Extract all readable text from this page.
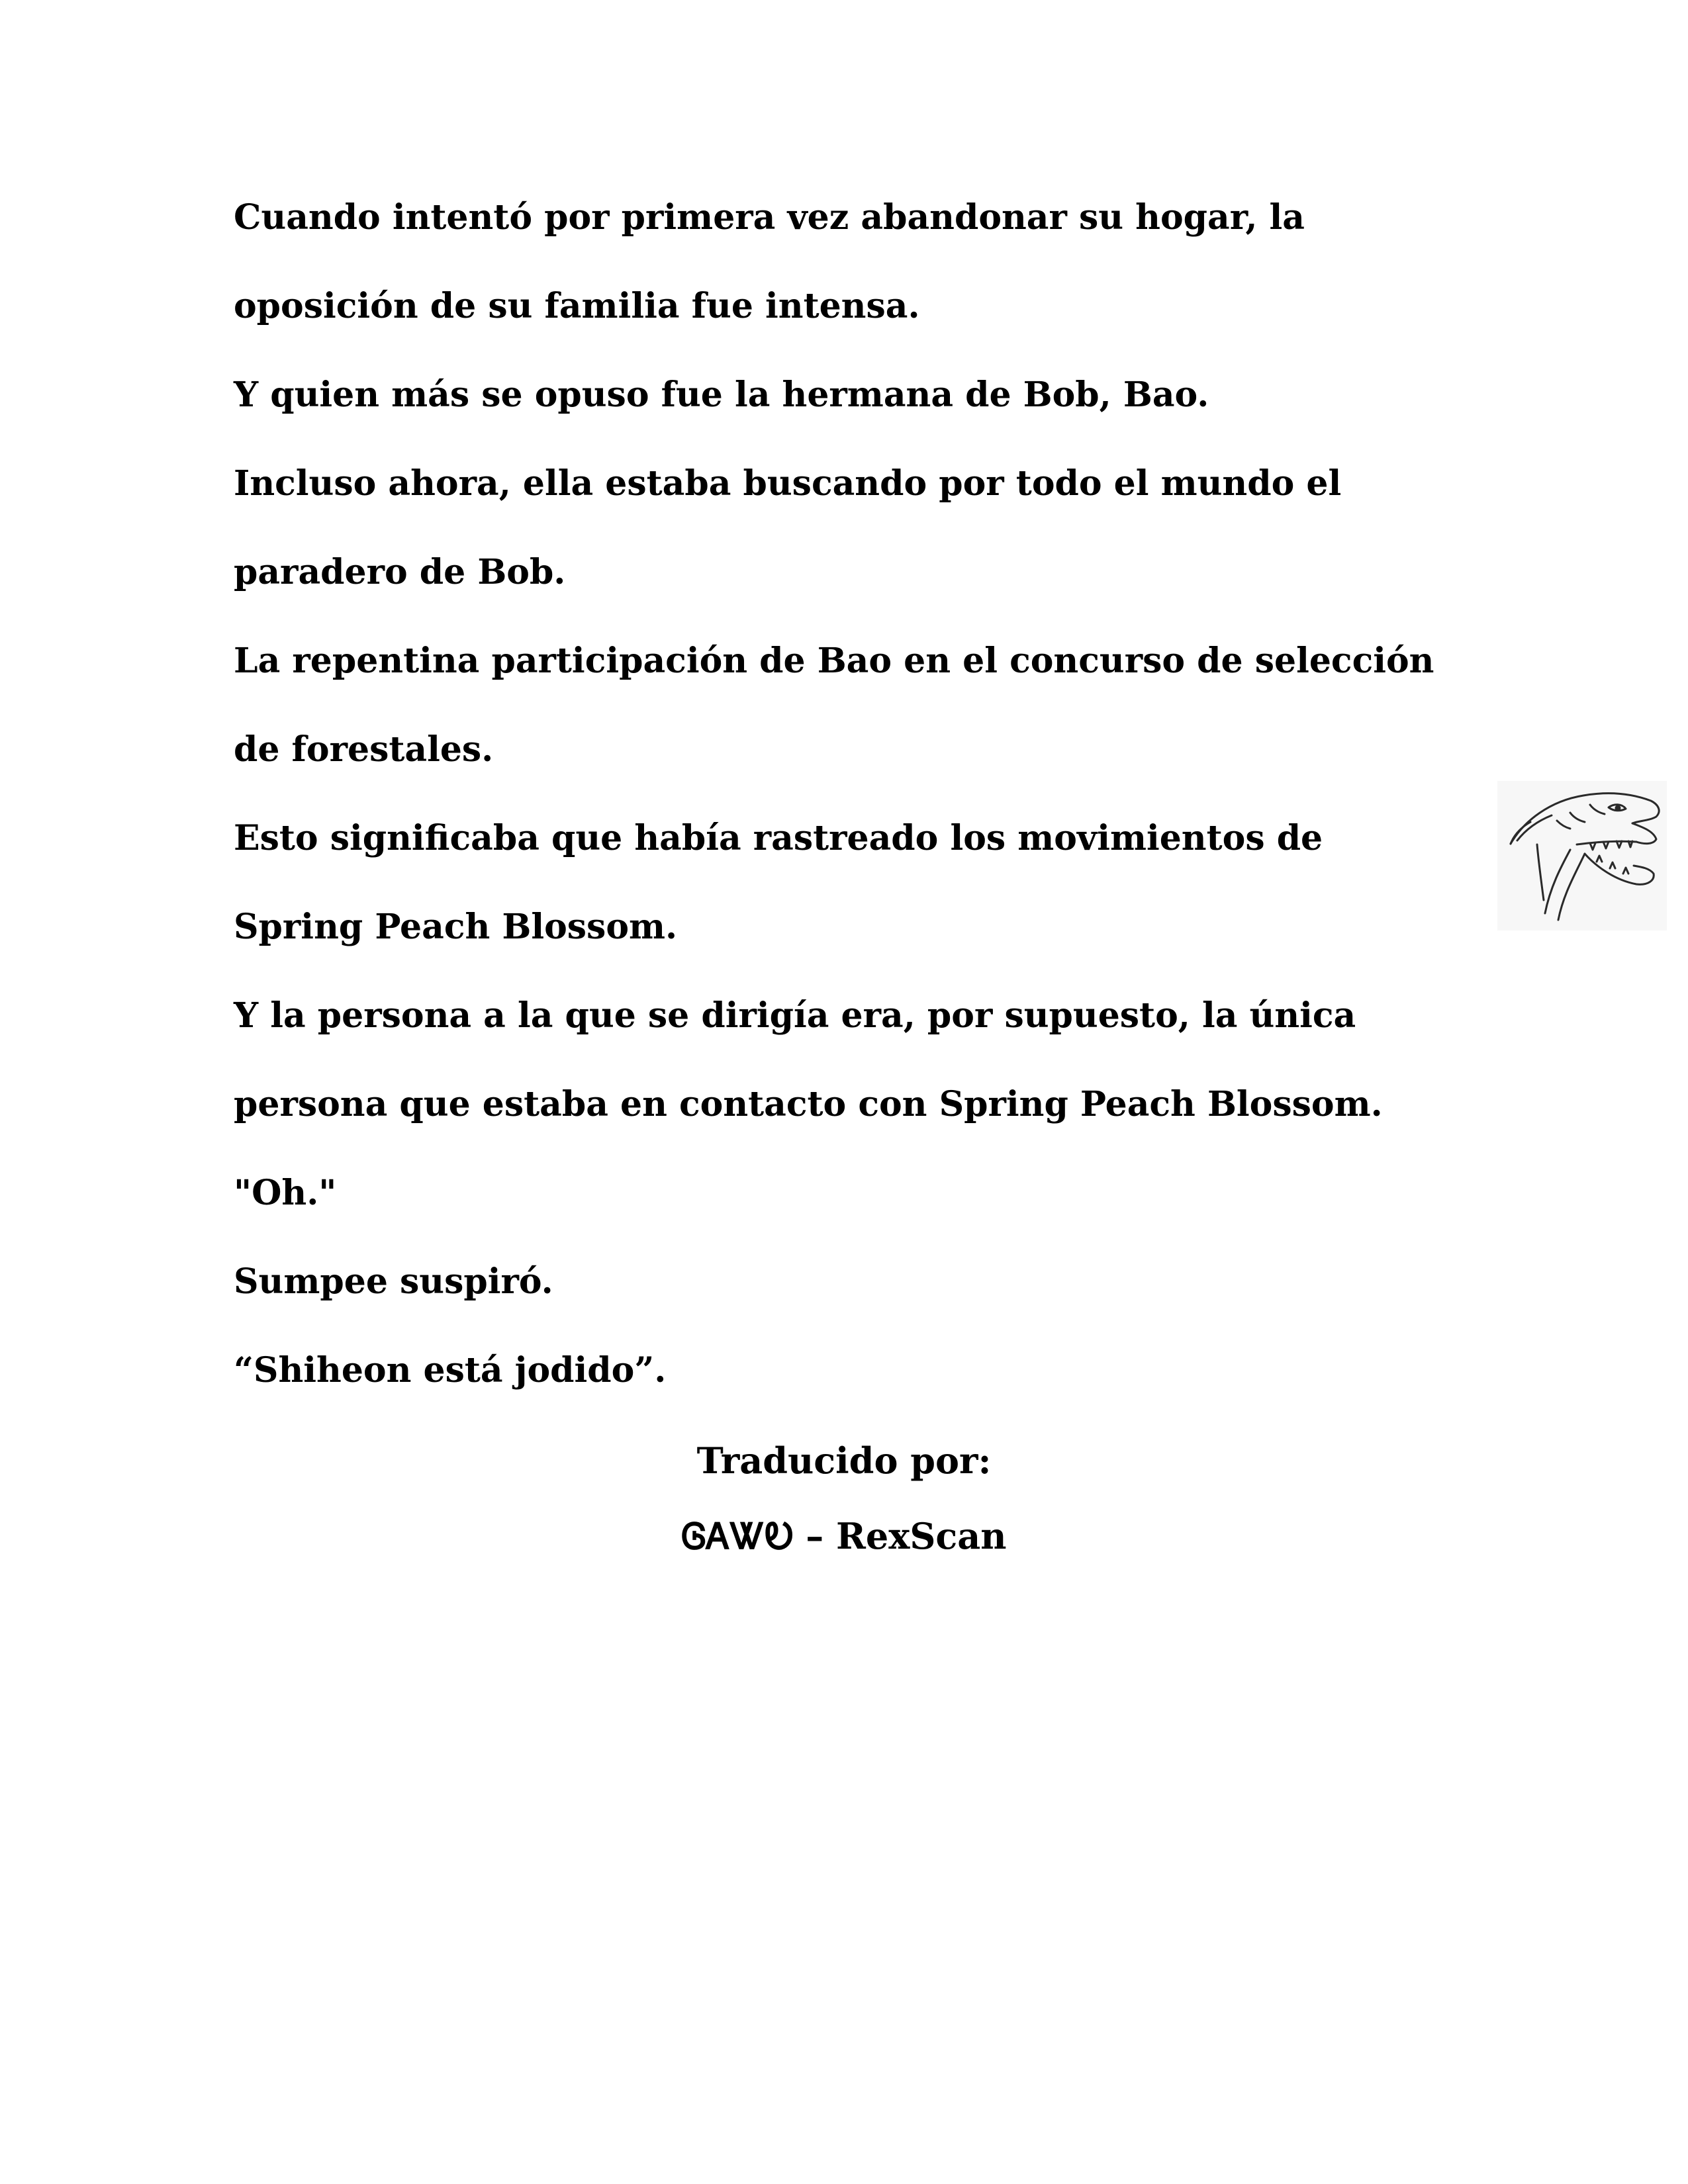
Cuando intentó por primera vez abandonar su hogar, la
oposición de su familia fue intensa.
Y quien más se opuso fue la hermana de Bob, Bao.
Incluso ahora, ella estaba buscando por todo el mundo el
paradero de Bob.
La repentina participación de Bao en el concurso de selección
de forestales.
Esto significaba que había rastreado los movimientos de
Spring Peach Blossom.
Y la persona a la que se dirigía era, por supuesto, la única
persona que estaba en contacto con Spring Peach Blossom.
"Oh."
Sumpee suspiró.
“Shiheon está jodido”.
Traducido por:
ᎶᎪᏔᎧ – RexScan
